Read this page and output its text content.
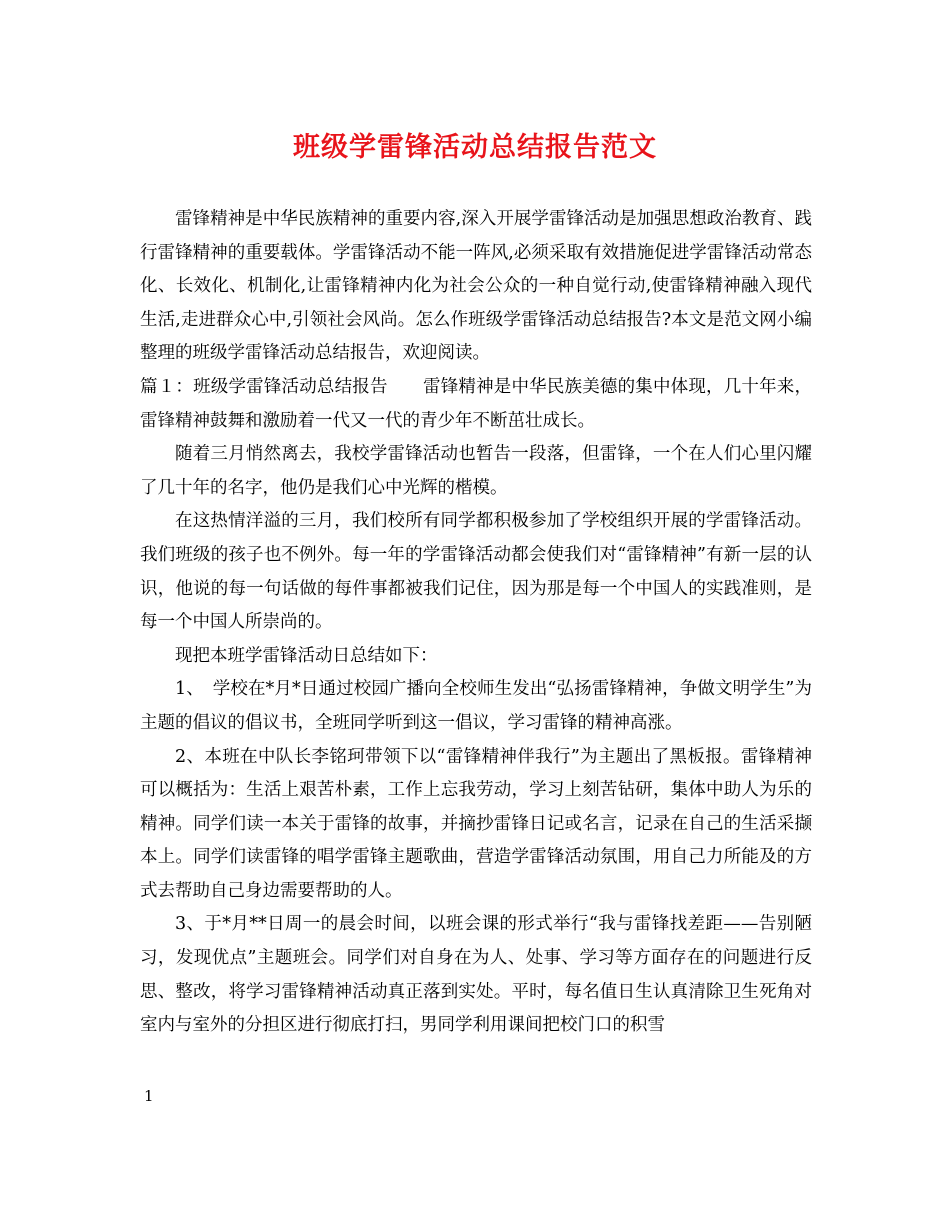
班级学雷锋活动总结报告范文

雷锋精神是中华民族精神的重要内容,深入开展学雷锋活动是加强思想政治教育、践行雷锋精神的重要载体。学雷锋活动不能一阵风,必须采取有效措施促进学雷锋活动常态化、长效化、机制化,让雷锋精神内化为社会公众的一种自觉行动,使雷锋精神融入现代生活,走进群众心中,引领社会风尚。怎么作班级学雷锋活动总结报告?本文是范文网小编整理的班级学雷锋活动总结报告，欢迎阅读。

篇１：班级学雷锋活动总结报告　　雷锋精神是中华民族美德的集中体现，几十年来，雷锋精神鼓舞和激励着一代又一代的青少年不断茁壮成长。

随着三月悄然离去，我校学雷锋活动也暂告一段落，但雷锋，一个在人们心里闪耀了几十年的名字，他仍是我们心中光辉的楷模。

在这热情洋溢的三月，我们校所有同学都积极参加了学校组织开展的学雷锋活动。我们班级的孩子也不例外。每一年的学雷锋活动都会使我们对“雷锋精神”有新一层的认识，他说的每一句话做的每件事都被我们记住，因为那是每一个中国人的实践准则，是每一个中国人所崇尚的。

现把本班学雷锋活动日总结如下：

1、　学校在*月*日通过校园广播向全校师生发出“弘扬雷锋精神，争做文明学生”为主题的倡议的倡议书，全班同学听到这一倡议，学习雷锋的精神高涨。

2、本班在中队长李铭珂带领下以“雷锋精神伴我行”为主题出了黑板报。雷锋精神可以概括为：生活上艰苦朴素，工作上忘我劳动，学习上刻苦钻研，集体中助人为乐的精神。同学们读一本关于雷锋的故事，并摘抄雷锋日记或名言，记录在自己的生活采撷本上。同学们读雷锋的唱学雷锋主题歌曲，营造学雷锋活动氛围，用自己力所能及的方式去帮助自己身边需要帮助的人。

3、于*月**日周一的晨会时间，以班会课的形式举行“我与雷锋找差距——告别陋习，发现优点”主题班会。同学们对自身在为人、处事、学习等方面存在的问题进行反思、整改，将学习雷锋精神活动真正落到实处。平时，每名值日生认真清除卫生死角对室内与室外的分担区进行彻底打扫，男同学利用课间把校门口的积雪

1
